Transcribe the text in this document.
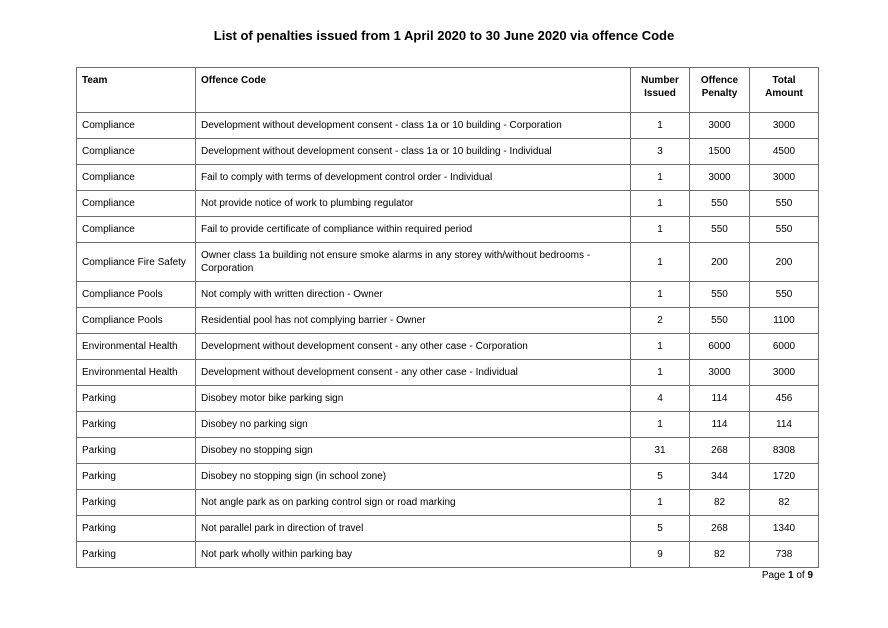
List of penalties issued from 1 April 2020 to 30 June 2020 via offence Code
Team	Offence Code	Number Issued	Offence Penalty	Total Amount
Compliance	Development without development consent - class 1a or 10 building - Corporation	1	3000	3000
Compliance	Development without development consent - class 1a or 10 building - Individual	3	1500	4500
Compliance	Fail to comply with terms of development control order - Individual	1	3000	3000
Compliance	Not provide notice of work to plumbing regulator	1	550	550
Compliance	Fail to provide certificate of compliance within required period	1	550	550
Compliance Fire Safety	Owner class 1a building not ensure smoke alarms in any storey with/without bedrooms - Corporation	1	200	200
Compliance Pools	Not comply with written direction - Owner	1	550	550
Compliance Pools	Residential pool has not complying barrier - Owner	2	550	1100
Environmental Health	Development without development consent - any other case - Corporation	1	6000	6000
Environmental Health	Development without development consent - any other case - Individual	1	3000	3000
Parking	Disobey motor bike parking sign	4	114	456
Parking	Disobey no parking sign	1	114	114
Parking	Disobey no stopping sign	31	268	8308
Parking	Disobey no stopping sign (in school zone)	5	344	1720
Parking	Not angle park as on parking control sign or road marking	1	82	82
Parking	Not parallel park in direction of travel	5	268	1340
Parking	Not park wholly within parking bay	9	82	738
Page 1 of 9
